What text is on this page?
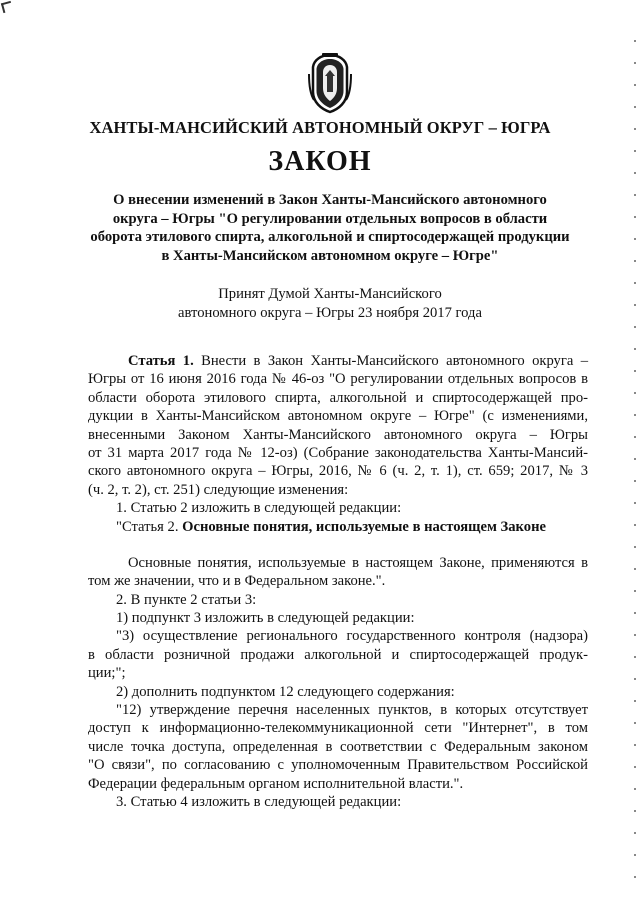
ХАНТЫ-МАНСИЙСКИЙ АВТОНОМНЫЙ ОКРУГ – ЮГРА
ЗАКОН
О внесении изменений в Закон Ханты-Мансийского автономного
округа – Югры "О регулировании отдельных вопросов в области
оборота этилового спирта, алкогольной и спиртосодержащей продукции
в Ханты-Мансийском автономном округе – Югре"
Принят Думой Ханты-Мансийского
автономного округа – Югры 23 ноября 2017 года
Статья 1. Внести в Закон Ханты-Мансийского автономного округа –
Югры от 16 июня 2016 года № 46-оз "О регулировании отдельных вопросов в
области оборота этилового спирта, алкогольной и спиртосодержащей про-
дукции в Ханты-Мансийском автономном округе – Югре" (с изменениями,
внесенными Законом Ханты-Мансийского автономного округа – Югры
от 31 марта 2017 года № 12-оз) (Собрание законодательства Ханты-Мансий-
ского автономного округа – Югры, 2016, № 6 (ч. 2, т. 1), ст. 659; 2017, № 3
(ч. 2, т. 2), ст. 251) следующие изменения:
1. Статью 2 изложить в следующей редакции:
"Статья 2. Основные понятия, используемые в настоящем Законе
Основные понятия, используемые в настоящем Законе, применяются в
том же значении, что и в Федеральном законе.".
2. В пункте 2 статьи 3:
1) подпункт 3 изложить в следующей редакции:
"3) осуществление регионального государственного контроля (надзора)
в области розничной продажи алкогольной и спиртосодержащей продук-
ции;";
2) дополнить подпунктом 12 следующего содержания:
"12) утверждение перечня населенных пунктов, в которых отсутствует
доступ к информационно-телекоммуникационной сети "Интернет", в том
числе точка доступа, определенная в соответствии с Федеральным законом
"О связи", по согласованию с уполномоченным Правительством Российской
Федерации федеральным органом исполнительной власти.".
3. Статью 4 изложить в следующей редакции:
